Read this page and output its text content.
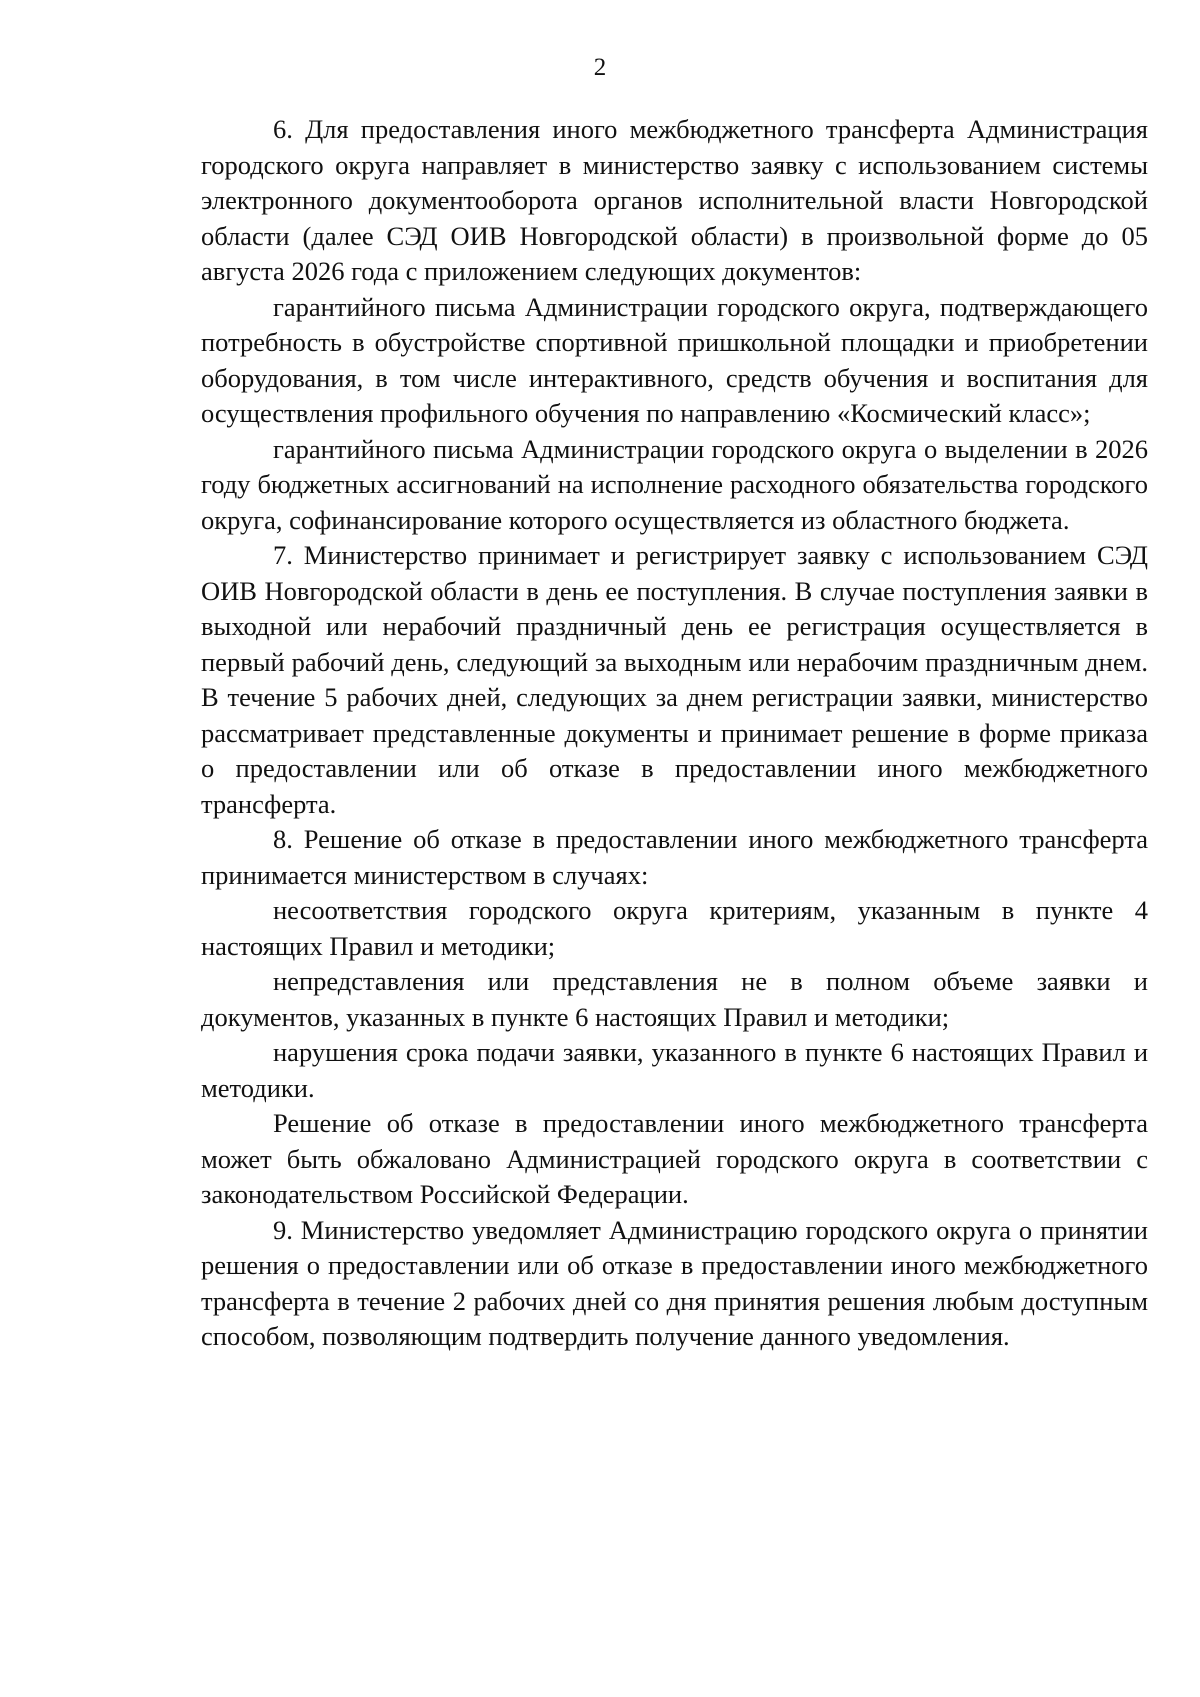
2

6. Для предоставления иного межбюджетного трансферта Администрация городского округа направляет в министерство заявку с использованием системы электронного документооборота органов исполнительной власти Новгородской области (далее СЭД ОИВ Новгородской области) в произвольной форме до 05 августа 2026 года с приложением следующих документов:

гарантийного письма Администрации городского округа, подтверждающего потребность в обустройстве спортивной пришкольной площадки и приобретении оборудования, в том числе интерактивного, средств обучения и воспитания для осуществления профильного обучения по направлению «Космический класс»;

гарантийного письма Администрации городского округа о выделении в 2026 году бюджетных ассигнований на исполнение расходного обязательства городского округа, софинансирование которого осуществляется из областного бюджета.

7. Министерство принимает и регистрирует заявку с использованием СЭД ОИВ Новгородской области в день ее поступления. В случае поступления заявки в выходной или нерабочий праздничный день ее регистрация осуществляется в первый рабочий день, следующий за выходным или нерабочим праздничным днем. В течение 5 рабочих дней, следующих за днем регистрации заявки, министерство рассматривает представленные документы и принимает решение в форме приказа о предоставлении или об отказе в предоставлении иного межбюджетного трансферта.

8. Решение об отказе в предоставлении иного межбюджетного трансферта принимается министерством в случаях:

несоответствия городского округа критериям, указанным в пункте 4 настоящих Правил и методики;

непредставления или представления не в полном объеме заявки и документов, указанных в пункте 6 настоящих Правил и методики;

нарушения срока подачи заявки, указанного в пункте 6 настоящих Правил и методики.

Решение об отказе в предоставлении иного межбюджетного трансферта может быть обжаловано Администрацией городского округа в соответствии с законодательством Российской Федерации.

9. Министерство уведомляет Администрацию городского округа о принятии решения о предоставлении или об отказе в предоставлении иного межбюджетного трансферта в течение 2 рабочих дней со дня принятия решения любым доступным способом, позволяющим подтвердить получение данного уведомления.
